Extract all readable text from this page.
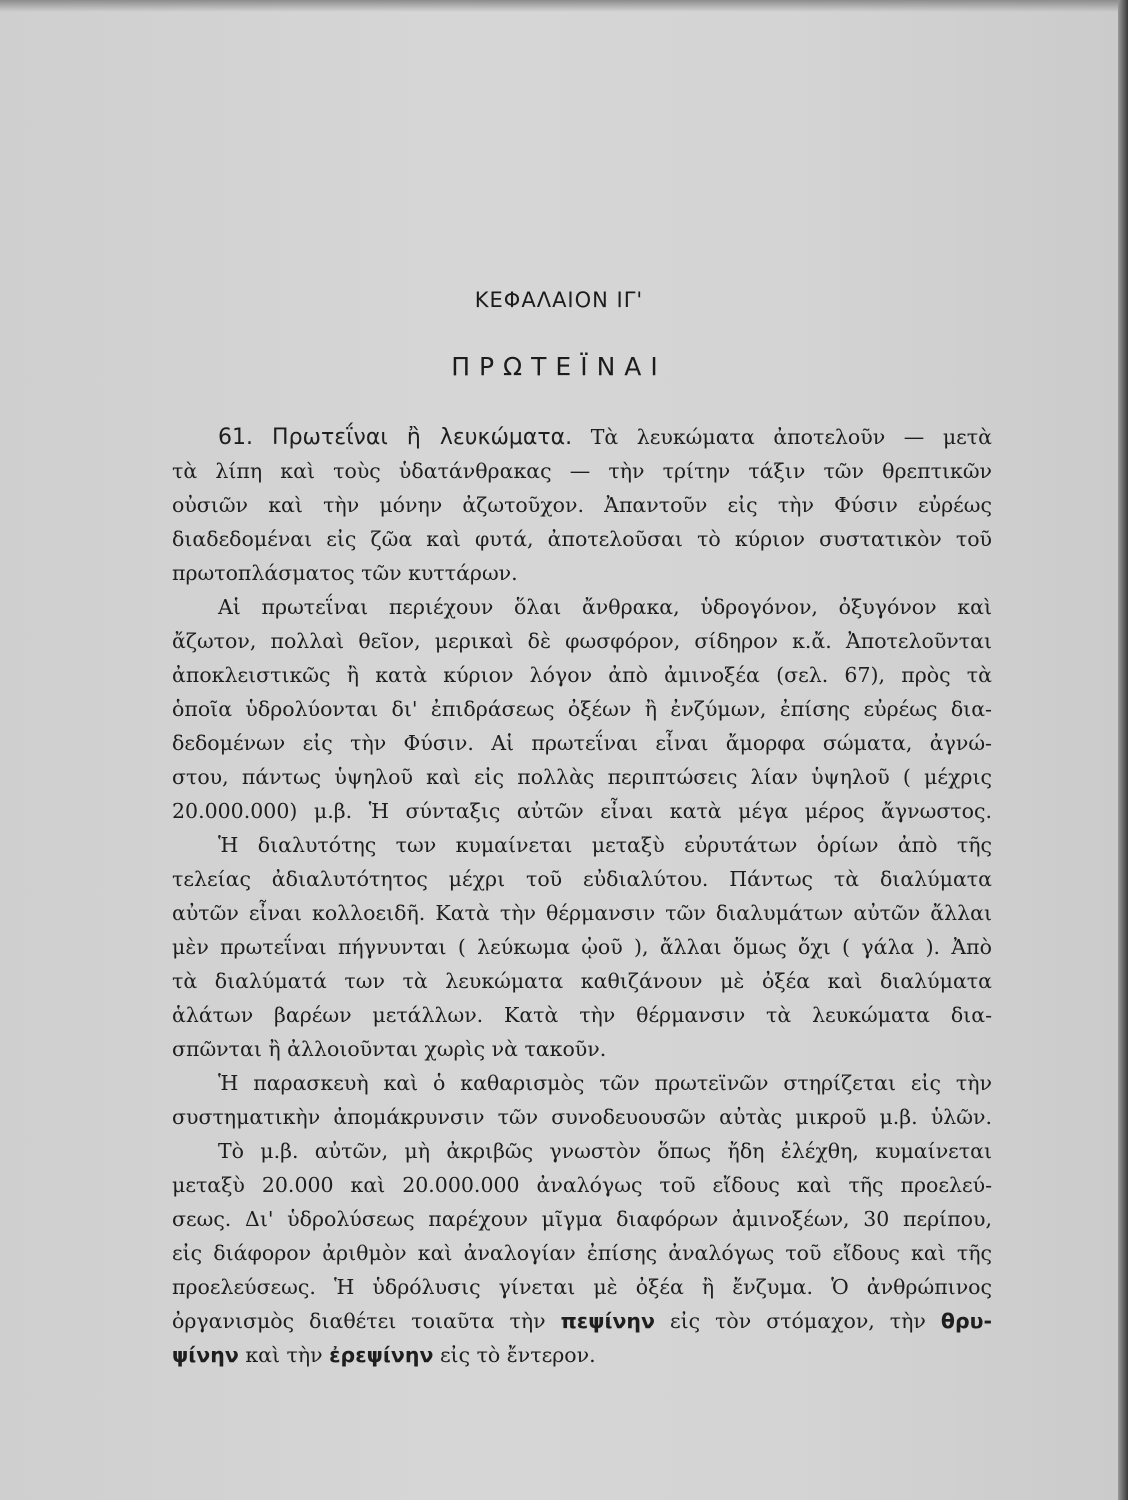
ΚΕΦΑΛΑΙΟΝ ΙΓ'
ΠΡΩΤΕΪΝΑΙ
61. Πρωτεΐναι ἢ λευκώματα. Τὰ λευκώματα ἀποτελοῦν — μετὰ
τὰ λίπη καὶ τοὺς ὑδατάνθρακας — τὴν τρίτην τάξιν τῶν θρεπτικῶν
οὐσιῶν καὶ τὴν μόνην ἀζωτοῦχον. Ἀπαντοῦν εἰς τὴν Φύσιν εὐρέως
διαδεδομέναι εἰς ζῶα καὶ φυτά, ἀποτελοῦσαι τὸ κύριον συστατικὸν τοῦ
πρωτοπλάσματος τῶν κυττάρων.
Αἱ πρωτεΐναι περιέχουν ὅλαι ἄνθρακα, ὑδρογόνον, ὀξυγόνον καὶ
ἄζωτον, πολλαὶ θεῖον, μερικαὶ δὲ φωσφόρον, σίδηρον κ.ἄ. Ἀποτελοῦνται
ἀποκλειστικῶς ἢ κατὰ κύριον λόγον ἀπὸ ἀμινοξέα (σελ. 67), πρὸς τὰ
ὁποῖα ὑδρολύονται δι' ἐπιδράσεως ὀξέων ἢ ἐνζύμων, ἐπίσης εὐρέως δια-
δεδομένων εἰς τὴν Φύσιν. Αἱ πρωτεΐναι εἶναι ἄμορφα σώματα, ἀγνώ-
στου, πάντως ὑψηλοῦ καὶ εἰς πολλὰς περιπτώσεις λίαν ὑψηλοῦ ( μέχρις
20.000.000) μ.β. Ἡ σύνταξις αὐτῶν εἶναι κατὰ μέγα μέρος ἄγνωστος.
Ἡ διαλυτότης των κυμαίνεται μεταξὺ εὐρυτάτων ὁρίων ἀπὸ τῆς
τελείας ἀδιαλυτότητος μέχρι τοῦ εὐδιαλύτου. Πάντως τὰ διαλύματα
αὐτῶν εἶναι κολλοειδῆ. Κατὰ τὴν θέρμανσιν τῶν διαλυμάτων αὐτῶν ἄλλαι
μὲν πρωτεΐναι πήγνυνται ( λεύκωμα ᾠοῦ ), ἄλλαι ὅμως ὄχι ( γάλα ). Ἀπὸ
τὰ διαλύματά των τὰ λευκώματα καθιζάνουν μὲ ὀξέα καὶ διαλύματα
ἁλάτων βαρέων μετάλλων. Κατὰ τὴν θέρμανσιν τὰ λευκώματα δια-
σπῶνται ἢ ἀλλοιοῦνται χωρὶς νὰ τακοῦν.
Ἡ παρασκευὴ καὶ ὁ καθαρισμὸς τῶν πρωτεϊνῶν στηρίζεται εἰς τὴν
συστηματικὴν ἀπομάκρυνσιν τῶν συνοδευουσῶν αὐτὰς μικροῦ μ.β. ὑλῶν.
Τὸ μ.β. αὐτῶν, μὴ ἀκριβῶς γνωστὸν ὅπως ἤδη ἐλέχθη, κυμαίνεται
μεταξὺ 20.000 καὶ 20.000.000 ἀναλόγως τοῦ εἴδους καὶ τῆς προελεύ-
σεως. Δι' ὑδρολύσεως παρέχουν μῖγμα διαφόρων ἀμινοξέων, 30 περίπου,
εἰς διάφορον ἀριθμὸν καὶ ἀναλογίαν ἐπίσης ἀναλόγως τοῦ εἴδους καὶ τῆς
προελεύσεως. Ἡ ὑδρόλυσις γίνεται μὲ ὀξέα ἢ ἔνζυμα. Ὁ ἀνθρώπινος
ὀργανισμὸς διαθέτει τοιαῦτα τὴν πεψίνην εἰς τὸν στόμαχον, τὴν θρυ-
ψίνην καὶ τὴν ἐρεψίνην εἰς τὸ ἔντερον.
